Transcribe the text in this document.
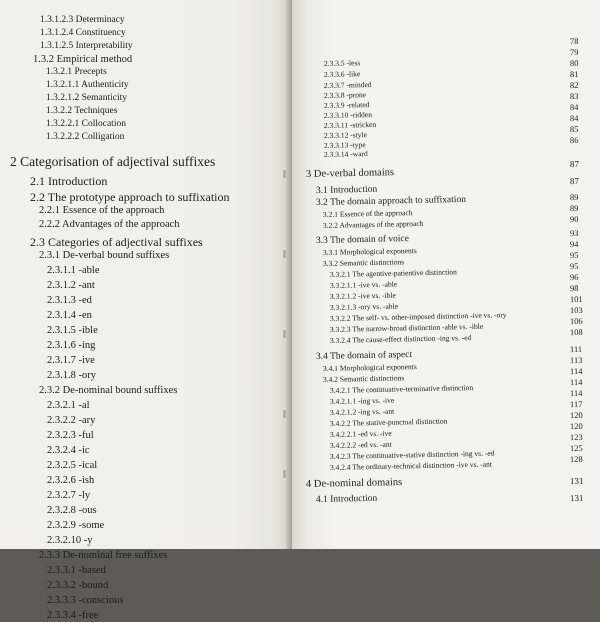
1.3.1.2.3 Determinacy
1.3.1.2.4 Constituency
1.3.1.2.5 Interpretability
1.3.2 Empirical method
1.3.2.1 Precepts
1.3.2.1.1 Authenticity
1.3.2.1.2 Semanticity
1.3.2.2 Techniques
1.3.2.2.1 Collocation
1.3.2.2.2 Colligation
2 Categorisation of adjectival suffixes
2.1 Introduction
2.2 The prototype approach to suffixation
2.2.1 Essence of the approach
2.2.2 Advantages of the approach
2.3 Categories of adjectival suffixes
2.3.1 De-verbal bound suffixes
2.3.1.1 -able
2.3.1.2 -ant
2.3.1.3 -ed
2.3.1.4 -en
2.3.1.5 -ible
2.3.1.6 -ing
2.3.1.7 -ive
2.3.1.8 -ory
2.3.2 De-nominal bound suffixes
2.3.2.1 -al
2.3.2.2 -ary
2.3.2.3 -ful
2.3.2.4 -ic
2.3.2.5 -ical
2.3.2.6 -ish
2.3.2.7 -ly
2.3.2.8 -ous
2.3.2.9 -some
2.3.2.10 -y
2.3.3 De-nominal free suffixes
2.3.3.1 -based
2.3.3.2 -bound
2.3.3.3 -conscious
2.3.3.4 -free
2.3.3.5 -less
2.3.3.6 -like
2.3.3.7 -minded
2.3.3.8 -prone
2.3.3.9 -related
2.3.3.10 -ridden
2.3.3.11 -stricken
2.3.3.12 -style
2.3.3.13 -type
2.3.3.14 -ward
3 De-verbal domains
3.1 Introduction
3.2 The domain approach to suffixation
3.2.1 Essence of the approach
3.2.2 Advantages of the approach
3.3 The domain of voice
3.3.1 Morphological exponents
3.3.2 Semantic distinctions
3.3.2.1 The agentive-patientive distinction
3.3.2.1.1 -ive vs. -able
3.3.2.1.2 -ive vs. -ible
3.3.2.1.3 -ory vs. -able
3.3.2.2 The self- vs. other-imposed distinction -ive vs. -ory
3.3.2.3 The narrow-broad distinction -able vs. -ible
3.3.2.4 The cause-effect distinction -ing vs. -ed
3.4 The domain of aspect
3.4.1 Morphological exponents
3.4.2 Semantic distinctions
3.4.2.1 The continuative-terminative distinction
3.4.2.1.1 -ing vs. -ive
3.4.2.1.2 -ing vs. -ant
3.4.2.2 The stative-punctual distinction
3.4.2.2.1 -ed vs. -ive
3.4.2.2.2 -ed vs. -ant
3.4.2.3 The continuative-stative distinction -ing vs. -ed
3.4.2.4 The ordinary-technical distinction -ive vs. -ant
4 De-nominal domains
4.1 Introduction
78
79
80
81
82
83
84
84
85
86
87
87
89
89
90
93
94
95
95
96
98
101
103
106
108
111
113
114
114
114
117
120
120
123
125
128
131
131
